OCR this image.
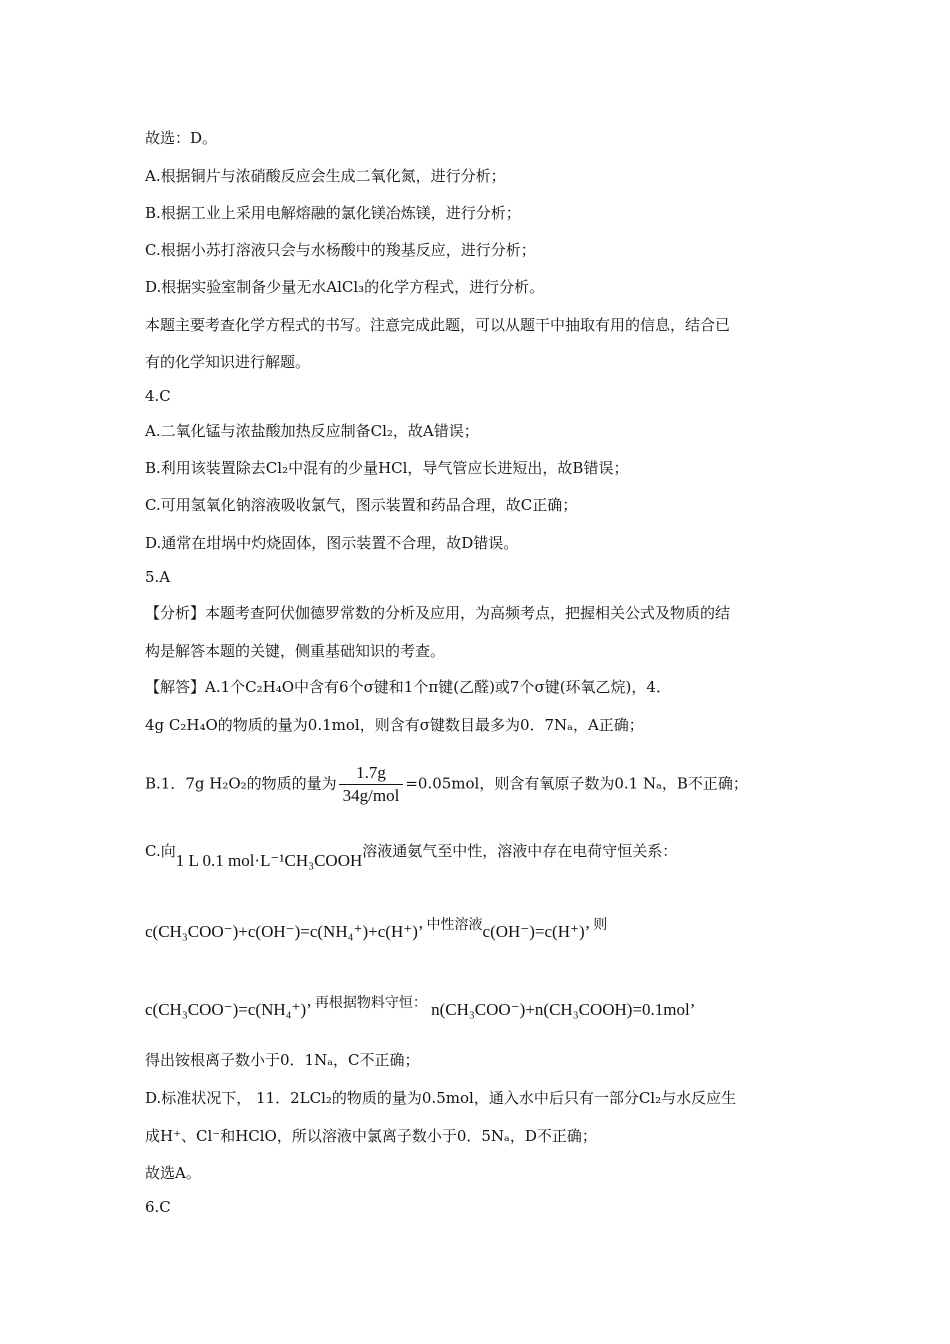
故选：D。
A.根据铜片与浓硝酸反应会生成二氧化氮，进行分析；
B.根据工业上采用电解熔融的氯化镁冶炼镁，进行分析；
C.根据小苏打溶液只会与水杨酸中的羧基反应，进行分析；
D.根据实验室制备少量无水AlCl₃的化学方程式，进行分析。
本题主要考查化学方程式的书写。注意完成此题，可以从题干中抽取有用的信息，结合已
有的化学知识进行解题。
4.C
A.二氧化锰与浓盐酸加热反应制备Cl₂，故A错误；
B.利用该装置除去Cl₂中混有的少量HCl，导气管应长进短出，故B错误；
C.可用氢氧化钠溶液吸收氯气，图示装置和药品合理，故C正确；
D.通常在坩埚中灼烧固体，图示装置不合理，故D错误。
5.A
【分析】本题考查阿伏伽德罗常数的分析及应用，为高频考点，把握相关公式及物质的结
构是解答本题的关键，侧重基础知识的考查。
【解答】A.1个C₂H₄O中含有6个σ键和1个π键(乙醛)或7个σ键(环氧乙烷)，4．
4g C₂H₄O的物质的量为0.1mol，则含有σ键数目最多为0．7Nₐ，A正确；
B.1．7g H₂O₂的物质的量为 $\frac{1.7g}{\text{34g/mol}} =0.05mol$，则含有氧原子数为0.1 Nₐ，B不正确；
C.向1 L 0.1 mol·L⁻¹CH₃COOH溶液通氨气至中性，溶液中存在电荷守恒关系：
c(CH₃COO⁻)+c(OH⁻)=c(NH₄⁺)+c(H⁺)’ $^{中性溶液}$c(OH⁻)=c(H⁺)’ $^则$
c(CH₃COO⁻)=c(NH₄⁺)’ $^{再根据物料守恒:}$ n(CH₃COO⁻)+n(CH₃COOH)=0.1mol’
得出铵根离子数小于0．1Nₐ，C不正确；
D.标准状况下， 11．2LCl₂的物质的量为0.5mol，通入水中后只有一部分Cl₂与水反应生
成H⁺、Cl⁻和HClO，所以溶液中氯离子数小于0．5Nₐ，D不正确；
故选A。
6.C
